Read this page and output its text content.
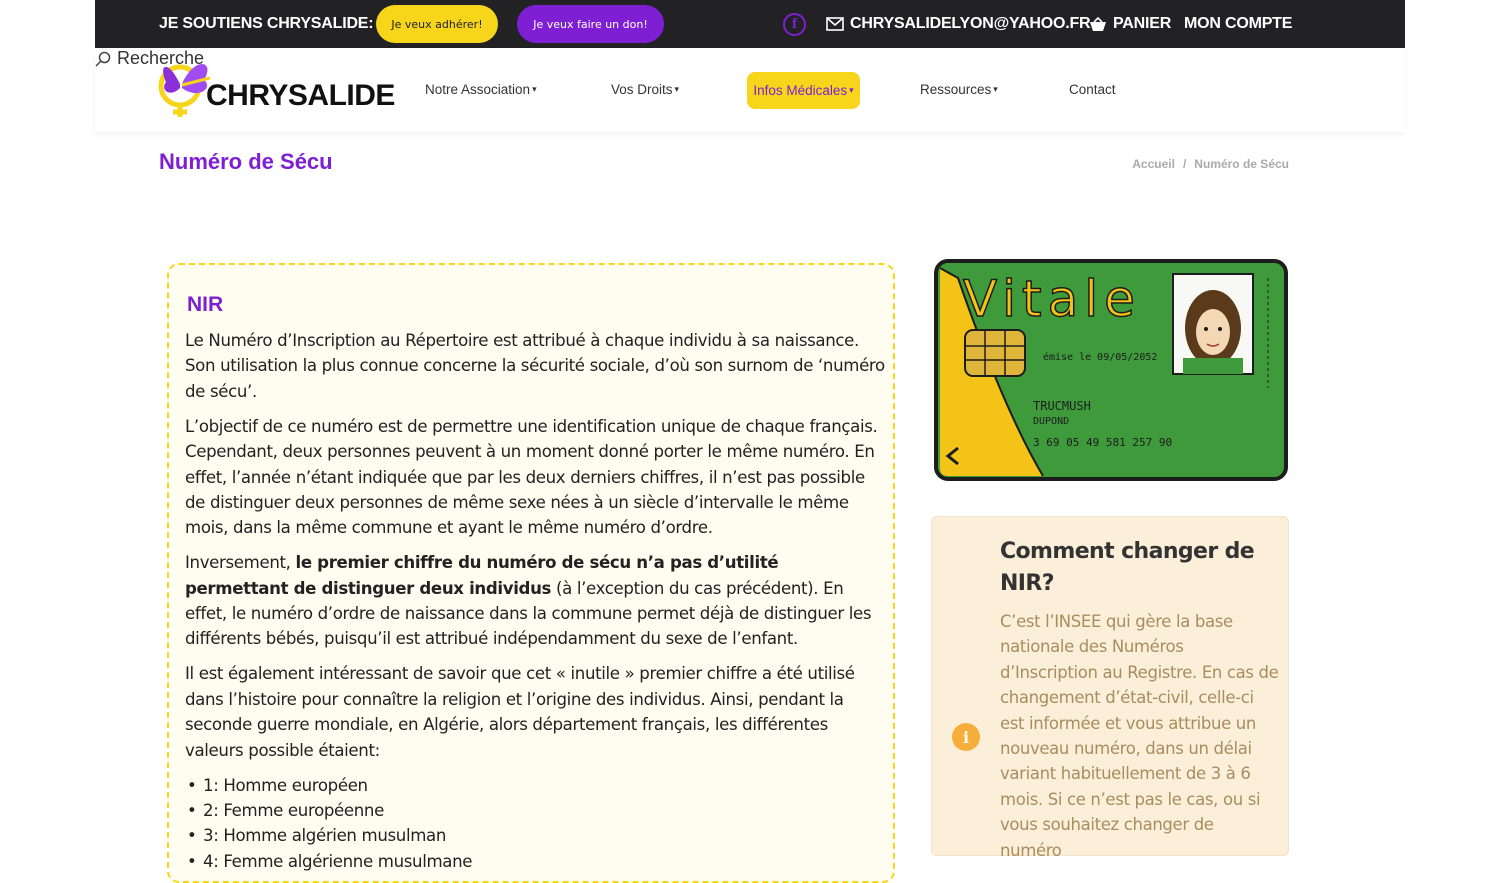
JE SOUTIENS CHRYSALIDE:	Je veux adhérer!	Je veux faire un don!	f	CHRYSALIDELYON@YAHOO.FR PANIER MON COMPTE
CHRYSALIDE Notre Association ▾	Vos Droits ▾	Infos Médicales ▾	Ressources ▾	Contact
Recherche
Numéro de Sécu	Accueil / Numéro de Sécu
NIR

Le Numéro d’Inscription au Répertoire est attribué à chaque individu à sa naissance. Son utilisation la plus connue concerne la sécurité sociale, d’où son surnom de ‘numéro de sécu’.

L’objectif de ce numéro est de permettre une identification unique de chaque français. Cependant, deux personnes peuvent à un moment donné porter le même numéro. En effet, l’année n’étant indiquée que par les deux derniers chiffres, il n’est pas possible de distinguer deux personnes de même sexe nées à un siècle d’intervalle le même mois, dans la même commune et ayant le même numéro d’ordre.

Inversement, le premier chiffre du numéro de sécu n’a pas d’utilité permettant de distinguer deux individus (à l’exception du cas précédent). En effet, le numéro d’ordre de naissance dans la commune permet déjà de distinguer les différents bébés, puisqu’il est attribué indépendamment du sexe de l’enfant.

Il est également intéressant de savoir que cet « inutile » premier chiffre a été utilisé dans l’histoire pour connaître la religion et l’origine des individus. Ainsi, pendant la seconde guerre mondiale, en Algérie, alors département français, les différentes valeurs possible étaient:

• 1: Homme européen
• 2: Femme européenne
• 3: Homme algérien musulman
• 4: Femme algérienne musulmane
Vitale
émise le 09/05/2052
TRUCMUSH
DUPOND
3 69 05 49 581 257 90
i
Comment changer de NIR?

C’est l’INSEE qui gère la base nationale des Numéros d’Inscription au Registre. En cas de changement d’état-civil, celle-ci est informée et vous attribue un nouveau numéro, dans un délai variant habituellement de 3 à 6 mois. Si ce n’est pas le cas, ou si vous souhaitez changer de numéro
